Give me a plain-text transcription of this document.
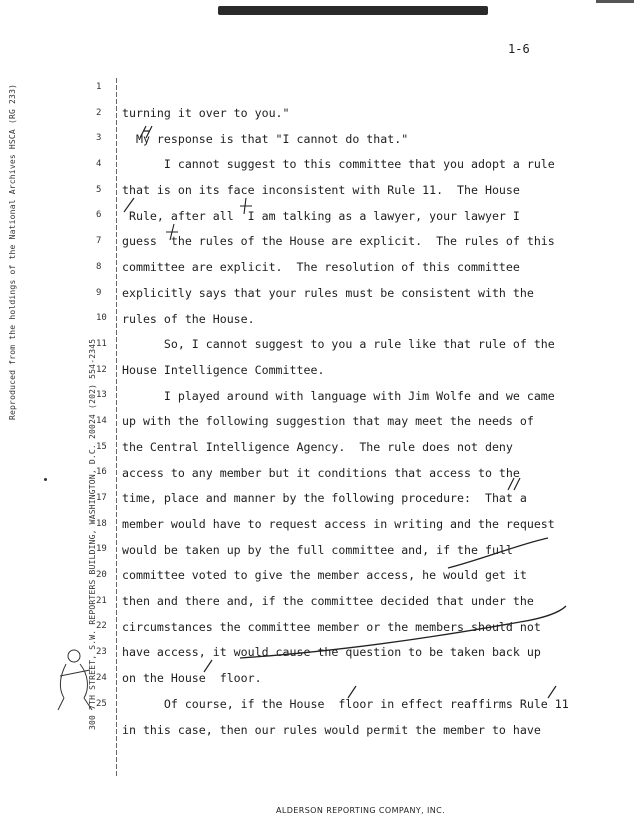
Reproduced from the holdings of the National Archives HSCA (RG 233)
300 7TH STREET, S.W. REPORTERS BUILDING, WASHINGTON, D.C. 20024 (202) 554-2345
1-6
1
2
3
4
5
6
7
8
9
10
11
12
13
14
15
16
17
18
19
20
21
22
23
24
25
turning it over to you."
My response is that "I cannot do that."
I cannot suggest to this committee that you adopt a rule
that is on its face inconsistent with Rule 11.  The House
Rule, after all  I am talking as a lawyer, your lawyer I
guess  the rules of the House are explicit.  The rules of this
committee are explicit.  The resolution of this committee
explicitly says that your rules must be consistent with the
rules of the House.
So, I cannot suggest to you a rule like that rule of the
House Intelligence Committee.
I played around with language with Jim Wolfe and we came
up with the following suggestion that may meet the needs of
the Central Intelligence Agency.  The rule does not deny
access to any member but it conditions that access to the
time, place and manner by the following procedure:  That a
member would have to request access in writing and the request
would be taken up by the full committee and, if the full
committee voted to give the member access, he would get it
then and there and, if the committee decided that under the
circumstances the committee member or the members should not
have access, it would cause the question to be taken back up
on the House  floor.
Of course, if the House  floor in effect reaffirms Rule 11
in this case, then our rules would permit the member to have
ALDERSON REPORTING COMPANY, INC.
